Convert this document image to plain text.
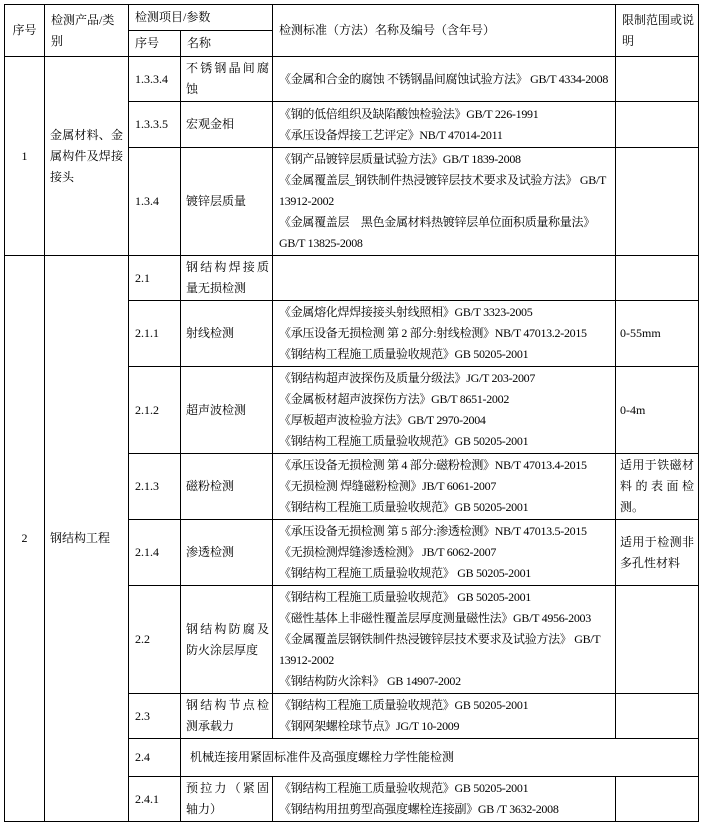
序号	检测产品/类别	检测项目/参数		检测标准（方法）名称及编号（含年号）	限制范围或说明
		序号	名称		
1	金属材料、金属构件及焊接接头	1.3.3.4	不锈钢晶间腐蚀	《金属和合金的腐蚀 不锈钢晶间腐蚀试验方法》 GB/T 4334-2008	

		1.3.3.5	宏观金相	《钢的低倍组织及缺陷酸蚀检验法》GB/T 226-1991
《承压设备焊接工艺评定》NB/T 47014-2011	

		1.3.4	镀锌层质量	《钢产品镀锌层质量试验方法》GB/T 1839-2008
《金属覆盖层_钢铁制件热浸镀锌层技术要求及试验方法》 GB/T 13912-2002
《金属覆盖层　黑色金属材料热镀锌层单位面积质量称量法》 GB/T 13825-2008	

2	钢结构工程	2.1	钢结构焊接质量无损检测		
		2.1.1	射线检测	《金属熔化焊焊接接头射线照相》GB/T 3323-2005
《承压设备无损检测 第 2 部分:射线检测》NB/T 47013.2-2015
《钢结构工程施工质量验收规范》GB 50205-2001	0-55mm
		2.1.2	超声波检测	《钢结构超声波探伤及质量分级法》JG/T 203-2007
《金属板材超声波探伤方法》GB/T 8651-2002
《厚板超声波检验方法》GB/T 2970-2004
《钢结构工程施工质量验收规范》GB 50205-2001	0-4m
		2.1.3	磁粉检测	《承压设备无损检测 第 4 部分:磁粉检测》NB/T 47013.4-2015
《无损检测 焊缝磁粉检测》JB/T 6061-2007
《钢结构工程施工质量验收规范》GB 50205-2001	适用于铁磁材料的表面检测。
		2.1.4	渗透检测	《承压设备无损检测 第 5 部分:渗透检测》NB/T 47013.5-2015
《无损检测焊缝渗透检测》 JB/T 6062-2007
《钢结构工程施工质量验收规范》 GB 50205-2001	适用于检测非多孔性材料
		2.2	钢结构防腐及防火涂层厚度	《钢结构工程施工质量验收规范》 GB 50205-2001
《磁性基体上非磁性覆盖层厚度测量磁性法》GB/T 4956-2003
《金属覆盖层钢铁制件热浸镀锌层技术要求及试验方法》 GB/T 13912-2002
《钢结构防火涂料》 GB 14907-2002	

		2.3	钢结构节点检测承载力	《钢结构工程施工质量验收规范》GB 50205-2001
《钢网架螺栓球节点》JG/T 10-2009	

		2.4	机械连接用紧固标准件及高强度螺栓力学性能检测		
		2.4.1	预拉力（紧固轴力）	《钢结构工程施工质量验收规范》GB 50205-2001
《钢结构用扭剪型高强度螺栓连接副》GB /T 3632-2008	
